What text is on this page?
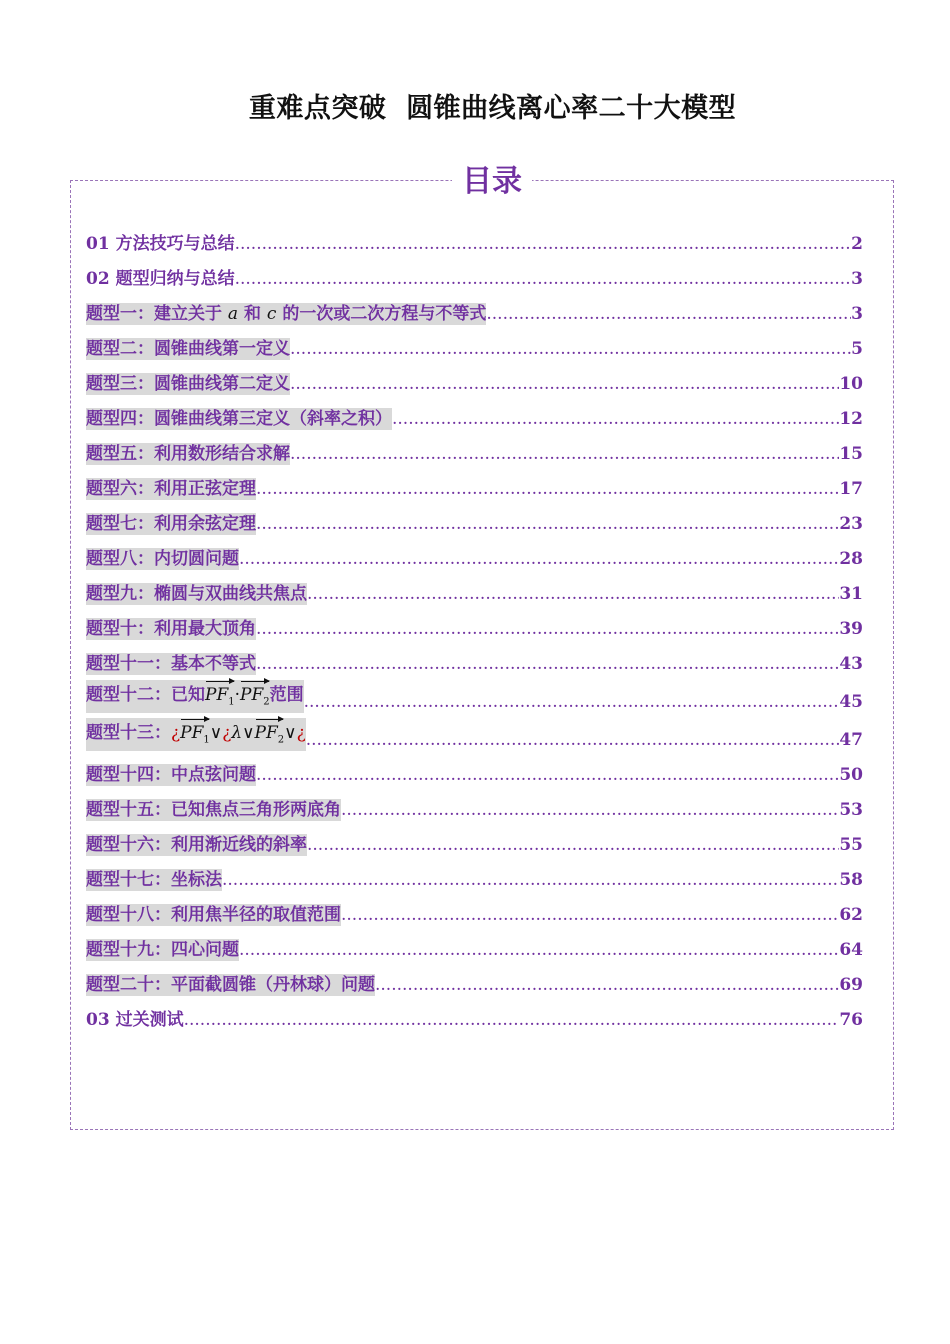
重难点突破  圆锥曲线离心率二十大模型
目录
01 方法技巧与总结 .....	2
02 题型归纳与总结 .....	3
题型一：建立关于 a 和 c 的一次或二次方程与不等式 .....	3
题型二：圆锥曲线第一定义 .....	5
题型三：圆锥曲线第二定义 .....	10
题型四：圆锥曲线第三定义（斜率之积） .....	12
题型五：利用数形结合求解 .....	15
题型六：利用正弦定理 .....	17
题型七：利用余弦定理 .....	23
题型八：内切圆问题 .....	28
题型九：椭圆与双曲线共焦点 .....	31
题型十：利用最大顶角 .....	39
题型十一：基本不等式 .....	43
题型十二：已知$PF_1\cdot PF_2$范围 .....	45
题型十三：¿$PF_1\vee¿\lambda\vee PF_2\vee¿$ .....	47
题型十四：中点弦问题 .....	50
题型十五：已知焦点三角形两底角 .....	53
题型十六：利用渐近线的斜率 .....	55
题型十七：坐标法 .....	58
题型十八：利用焦半径的取值范围 .....	62
题型十九：四心问题 .....	64
题型二十：平面截圆锥（丹林球）问题 .....	69
03 过关测试 .....	76
